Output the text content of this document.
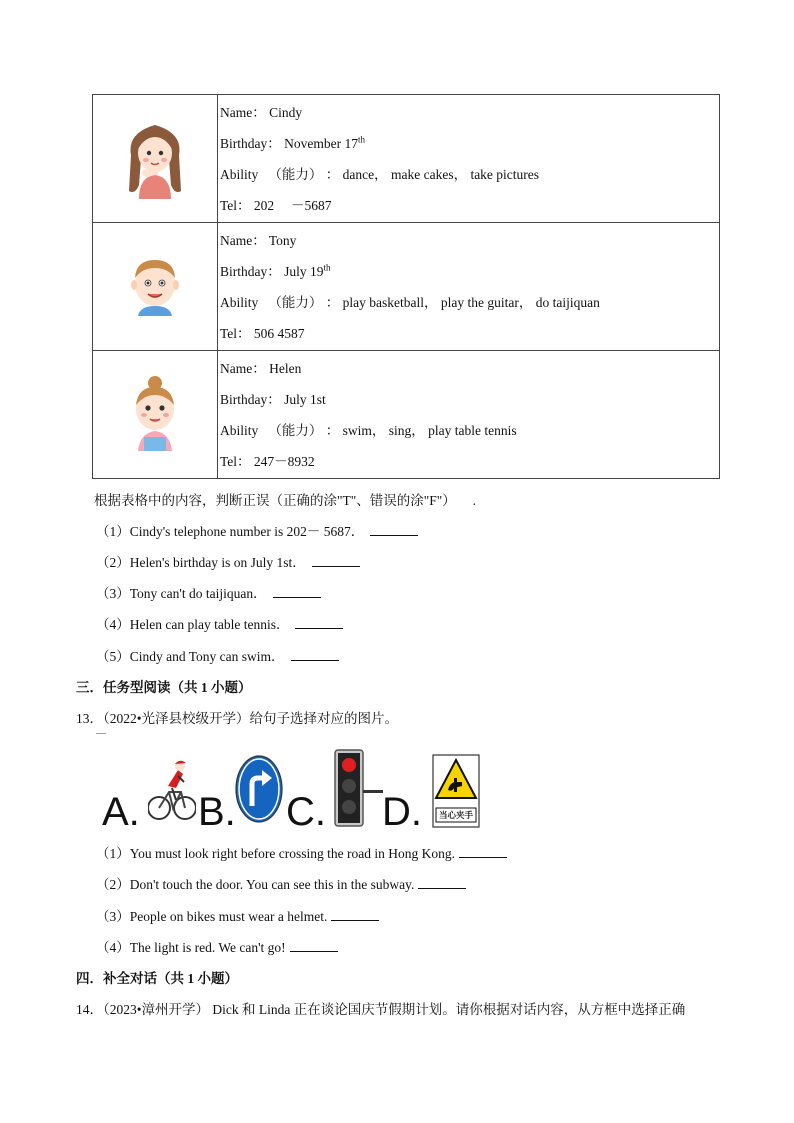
Name： Cindy
Birthday： November 17th
Ability 　（能力） ： dance， make cakes， take pictures
Tel： 202 　－5687

Name： Tony
Birthday： July 19th
Ability 　（能力） ： play basketball， play the guitar， do taijiquan
Tel： 506 4587

Name： Helen
Birthday： July 1st
Ability 　（能力） ： swim， sing， play table tennis
Tel： 247－8932
根据表格中的内容，判断正误（正确的涂"T"、错误的涂"F"） 　.
（1）Cindy's telephone number is 202－ 5687．
（2）Helen's birthday is on July 1st．
（3）Tony can't do taijiquan．
（4）Helen can play table tennis．
（5）Cindy and Tony can swim．
三．任务型阅读（共 1 小题）
13．（2022•光泽县校级开学）给句子选择对应的图片。
—
A. B. C. D.	当心夹手
（1）You must look right before crossing the road in Hong Kong.
（2）Don't touch the door. You can see this in the subway.
（3）People on bikes must wear a helmet.
（4）The light is red. We can't go!
四．补全对话（共 1 小题）
14．（2023•漳州开学） Dick 和 Linda 正在谈论国庆节假期计划。请你根据对话内容，从方框中选择正确
